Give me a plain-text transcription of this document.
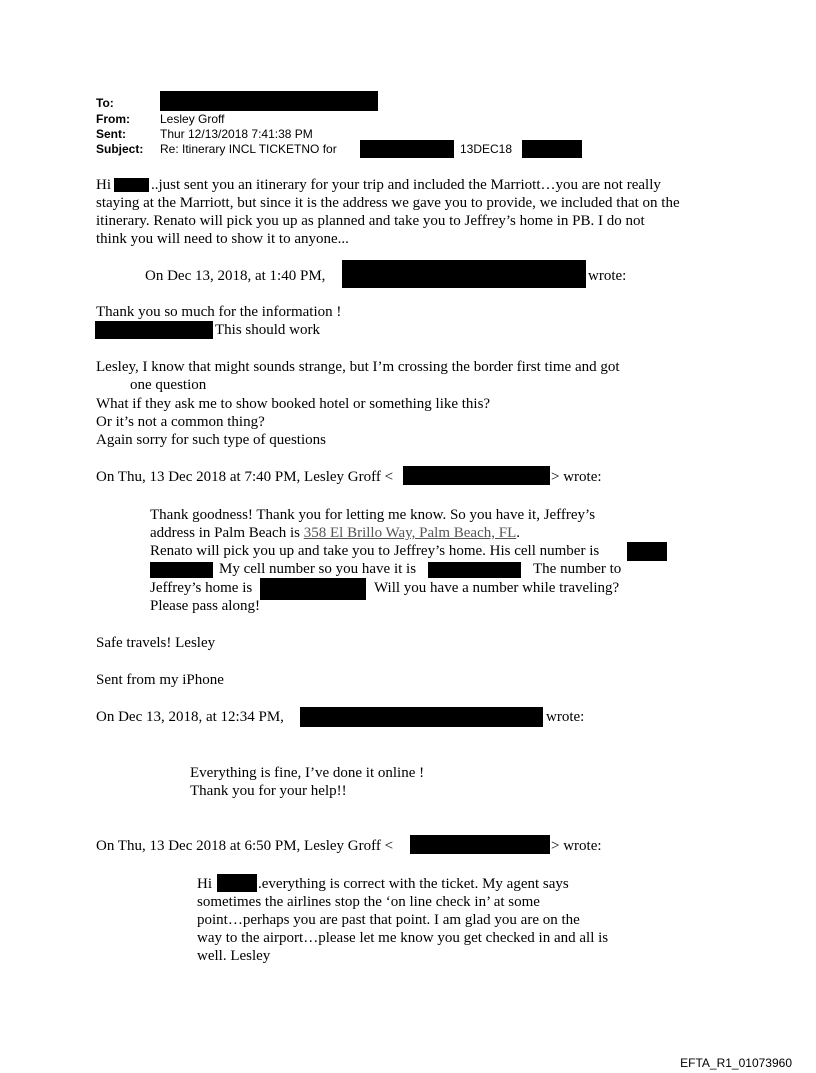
To:
From:	Lesley Groff
Sent:	Thur 12/13/2018 7:41:38 PM
Subject: Re: Itinerary INCL TICKETNO for	13DEC18
Hi	..just sent you an itinerary for your trip and included the Marriott…you are not really
staying at the Marriott, but since it is the address we gave you to provide, we included that on the
itinerary. Renato will pick you up as planned and take you to Jeffrey’s home in PB. I do not
think you will need to show it to anyone...
On Dec 13, 2018, at 1:40 PM,	wrote:
Thank you so much for the information !
This should work
Lesley, I know that might sounds strange, but I’m crossing the border first time and got
one question
What if they ask me to show booked hotel or something like this?
Or it’s not a common thing?
Again sorry for such type of questions
On Thu, 13 Dec 2018 at 7:40 PM, Lesley Groff <	> wrote:
Thank goodness! Thank you for letting me know. So you have it, Jeffrey’s
address in Palm Beach is 358 El Brillo Way, Palm Beach, FL.
Renato will pick you up and take you to Jeffrey’s home. His cell number is
My cell number so you have it is	The number to
Jeffrey’s home is	Will you have a number while traveling?
Please pass along!
Safe travels! Lesley
Sent from my iPhone
On Dec 13, 2018, at 12:34 PM,	wrote:
Everything is fine, I’ve done it online !
Thank you for your help!!
On Thu, 13 Dec 2018 at 6:50 PM, Lesley Groff <	> wrote:
Hi	.everything is correct with the ticket. My agent says
sometimes the airlines stop the ‘on line check in’ at some
point…perhaps you are past that point. I am glad you are on the
way to the airport…please let me know you get checked in and all is
well. Lesley
EFTA_R1_01073960
